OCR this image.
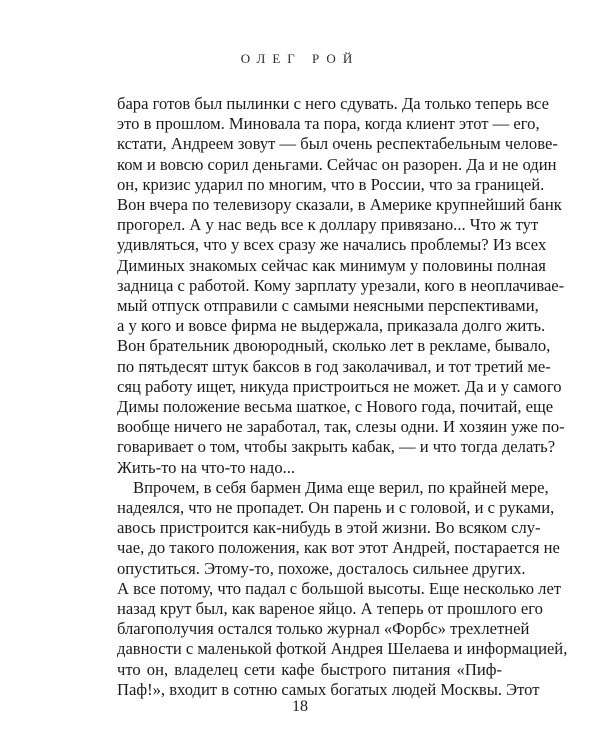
ОЛЕГ РОЙ

бара готов был пылинки с него сдувать. Да только теперь все
это в прошлом. Миновала та пора, когда клиент этот — его,
кстати, Андреем зовут — был очень респектабельным челове-
ком и вовсю сорил деньгами. Сейчас он разорен. Да и не один
он, кризис ударил по многим, что в России, что за границей.
Вон вчера по телевизору сказали, в Америке крупнейший банк
прогорел. А у нас ведь все к доллару привязано... Что ж тут
удивляться, что у всех сразу же начались проблемы? Из всех
Диминых знакомых сейчас как минимум у половины полная
задница с работой. Кому зарплату урезали, кого в неоплачивае-
мый отпуск отправили с самыми неясными перспективами,
а у кого и вовсе фирма не выдержала, приказала долго жить.
Вон брательник двоюродный, сколько лет в рекламе, бывало,
по пятьдесят штук баксов в год заколачивал, и тот третий ме-
сяц работу ищет, никуда пристроиться не может. Да и у самого
Димы положение весьма шаткое, с Нового года, почитай, еще
вообще ничего не заработал, так, слезы одни. И хозяин уже по-
говаривает о том, чтобы закрыть кабак, — и что тогда делать?
Жить-то на что-то надо...

Впрочем, в себя бармен Дима еще верил, по крайней мере,
надеялся, что не пропадет. Он парень и с головой, и с руками,
авось пристроится как-нибудь в этой жизни. Во всяком слу-
чае, до такого положения, как вот этот Андрей, постарается не
опуститься. Этому-то, похоже, досталось сильнее других.
А все потому, что падал с большой высоты. Еще несколько лет
назад крут был, как вареное яйцо. А теперь от прошлого его
благополучия остался только журнал «Форбс» трехлетней
давности с маленькой фоткой Андрея Шелаева и информацией,
что он, владелец сети кафе быстрого питания «Пиф-
Паф!», входит в сотню самых богатых людей Москвы. Этот

18
